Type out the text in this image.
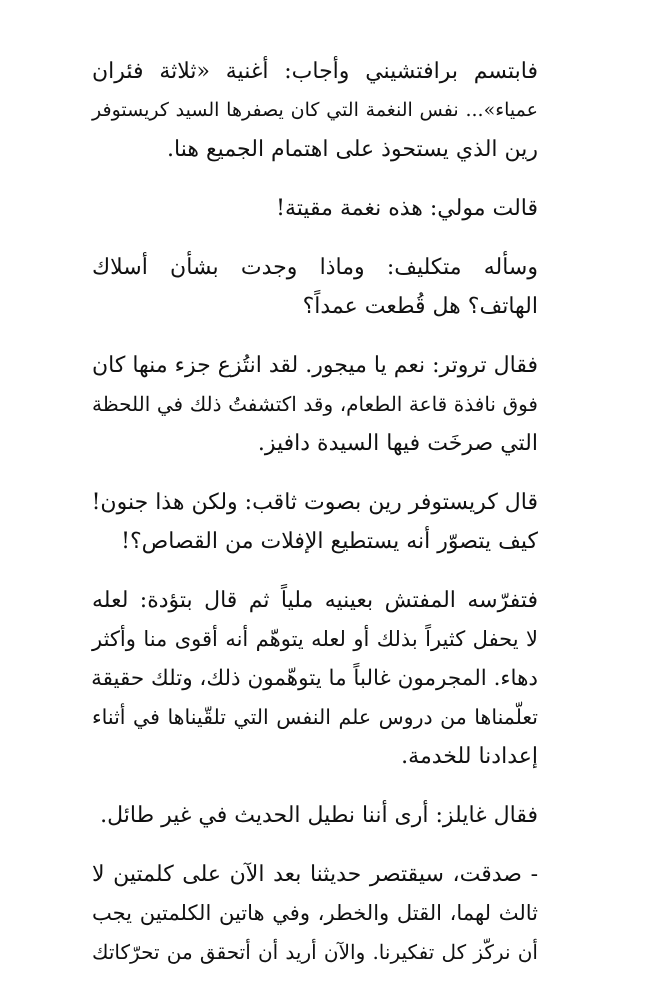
فابتسم برافتشيني وأجاب: أغنية «ثلاثة فئران
عمياء»... نفس النغمة التي كان يصفرها السيد كريستوفر
رين الذي يستحوذ على اهتمام الجميع هنا.

قالت مولي: هذه نغمة مقيتة!

وسأله متكليف: وماذا وجدت بشأن أسلاك
الهاتف؟ هل قُطعت عمداً؟

فقال تروتر: نعم يا ميجور. لقد انتُزع جزء منها كان
فوق نافذة قاعة الطعام، وقد اكتشفتُ ذلك في اللحظة
التي صرخَت فيها السيدة دافيز.

قال كريستوفر رين بصوت ثاقب: ولكن هذا جنون!
كيف يتصوّر أنه يستطيع الإفلات من القصاص؟!

فتفرّسه المفتش بعينيه ملياً ثم قال بتؤدة: لعله
لا يحفل كثيراً بذلك أو لعله يتوهّم أنه أقوى منا وأكثر
دهاء. المجرمون غالباً ما يتوهّمون ذلك، وتلك حقيقة
تعلّمناها من دروس علم النفس التي تلقّيناها في أثناء
إعدادنا للخدمة.

فقال غايلز: أرى أننا نطيل الحديث في غير طائل.

- صدقت، سيقتصر حديثنا بعد الآن على كلمتين لا
ثالث لهما، القتل والخطر، وفي هاتين الكلمتين يجب
أن نركّز كل تفكيرنا. والآن أريد أن أتحقق من تحرّكاتك
